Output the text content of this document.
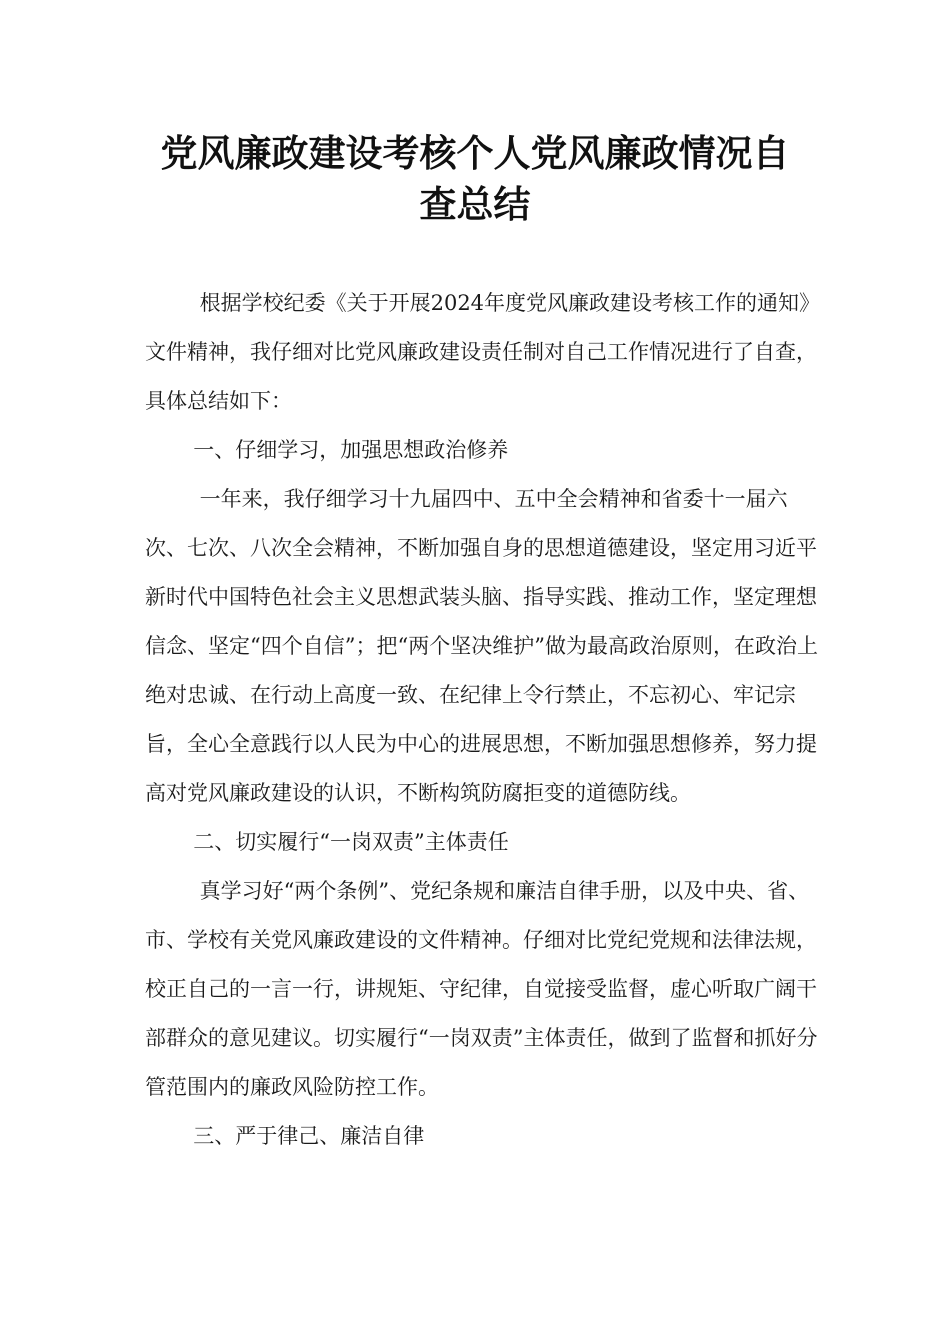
党风廉政建设考核个人党风廉政情况自
查总结

根据学校纪委《关于开展2024年度党风廉政建设考核工作的通知》文件精神，我仔细对比党风廉政建设责任制对自己工作情况进行了自查，具体总结如下：

一、仔细学习，加强思想政治修养

一年来，我仔细学习十九届四中、五中全会精神和省委十一届六次、七次、八次全会精神，不断加强自身的思想道德建设，坚定用习近平新时代中国特色社会主义思想武装头脑、指导实践、推动工作，坚定理想信念、坚定“四个自信”；把“两个坚决维护”做为最高政治原则，在政治上绝对忠诚、在行动上高度一致、在纪律上令行禁止，不忘初心、牢记宗旨，全心全意践行以人民为中心的进展思想，不断加强思想修养，努力提高对党风廉政建设的认识，不断构筑防腐拒变的道德防线。

二、切实履行“一岗双责”主体责任

真学习好“两个条例”、党纪条规和廉洁自律手册，以及中央、省、市、学校有关党风廉政建设的文件精神。仔细对比党纪党规和法律法规，校正自己的一言一行，讲规矩、守纪律，自觉接受监督，虚心听取广阔干部群众的意见建议。切实履行“一岗双责”主体责任，做到了监督和抓好分管范围内的廉政风险防控工作。

三、严于律己、廉洁自律
